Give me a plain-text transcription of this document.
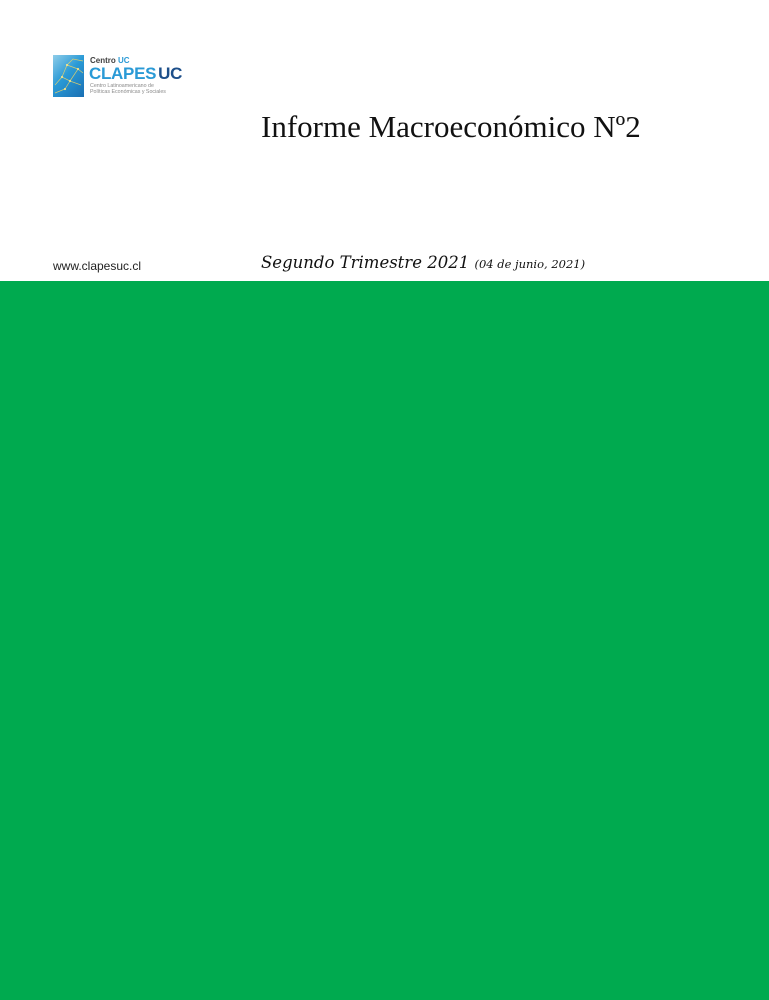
Centro UC
CLAPES UC
Centro Latinoamericano de
Políticas Económicas y Sociales
Informe Macroeconómico Nº2
www.clapesuc.cl	Segundo Trimestre 2021 (04 de junio, 2021)
